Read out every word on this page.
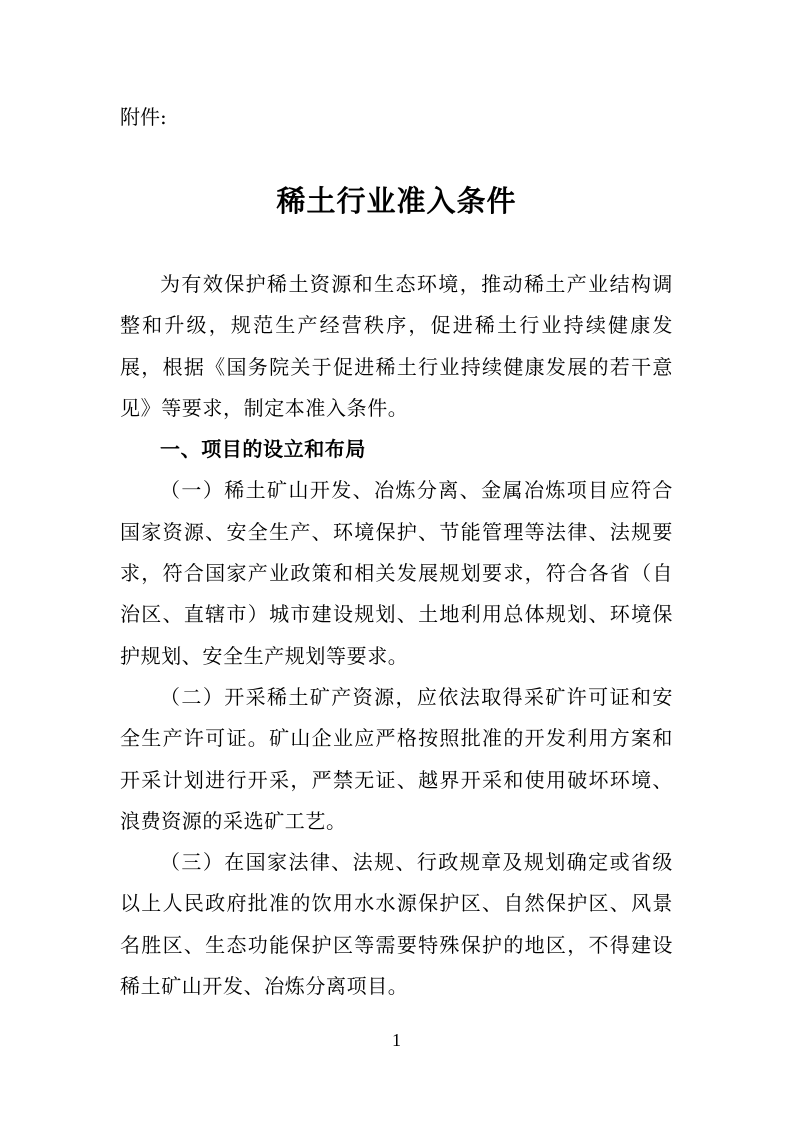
附件:

稀土行业准入条件

为有效保护稀土资源和生态环境，推动稀土产业结构调整和升级，规范生产经营秩序，促进稀土行业持续健康发展，根据《国务院关于促进稀土行业持续健康发展的若干意见》等要求，制定本准入条件。

一、项目的设立和布局

（一）稀土矿山开发、冶炼分离、金属冶炼项目应符合国家资源、安全生产、环境保护、节能管理等法律、法规要求，符合国家产业政策和相关发展规划要求，符合各省（自治区、直辖市）城市建设规划、土地利用总体规划、环境保护规划、安全生产规划等要求。

（二）开采稀土矿产资源，应依法取得采矿许可证和安全生产许可证。矿山企业应严格按照批准的开发利用方案和开采计划进行开采，严禁无证、越界开采和使用破坏环境、浪费资源的采选矿工艺。

（三）在国家法律、法规、行政规章及规划确定或省级以上人民政府批准的饮用水水源保护区、自然保护区、风景名胜区、生态功能保护区等需要特殊保护的地区，不得建设稀土矿山开发、冶炼分离项目。

1
